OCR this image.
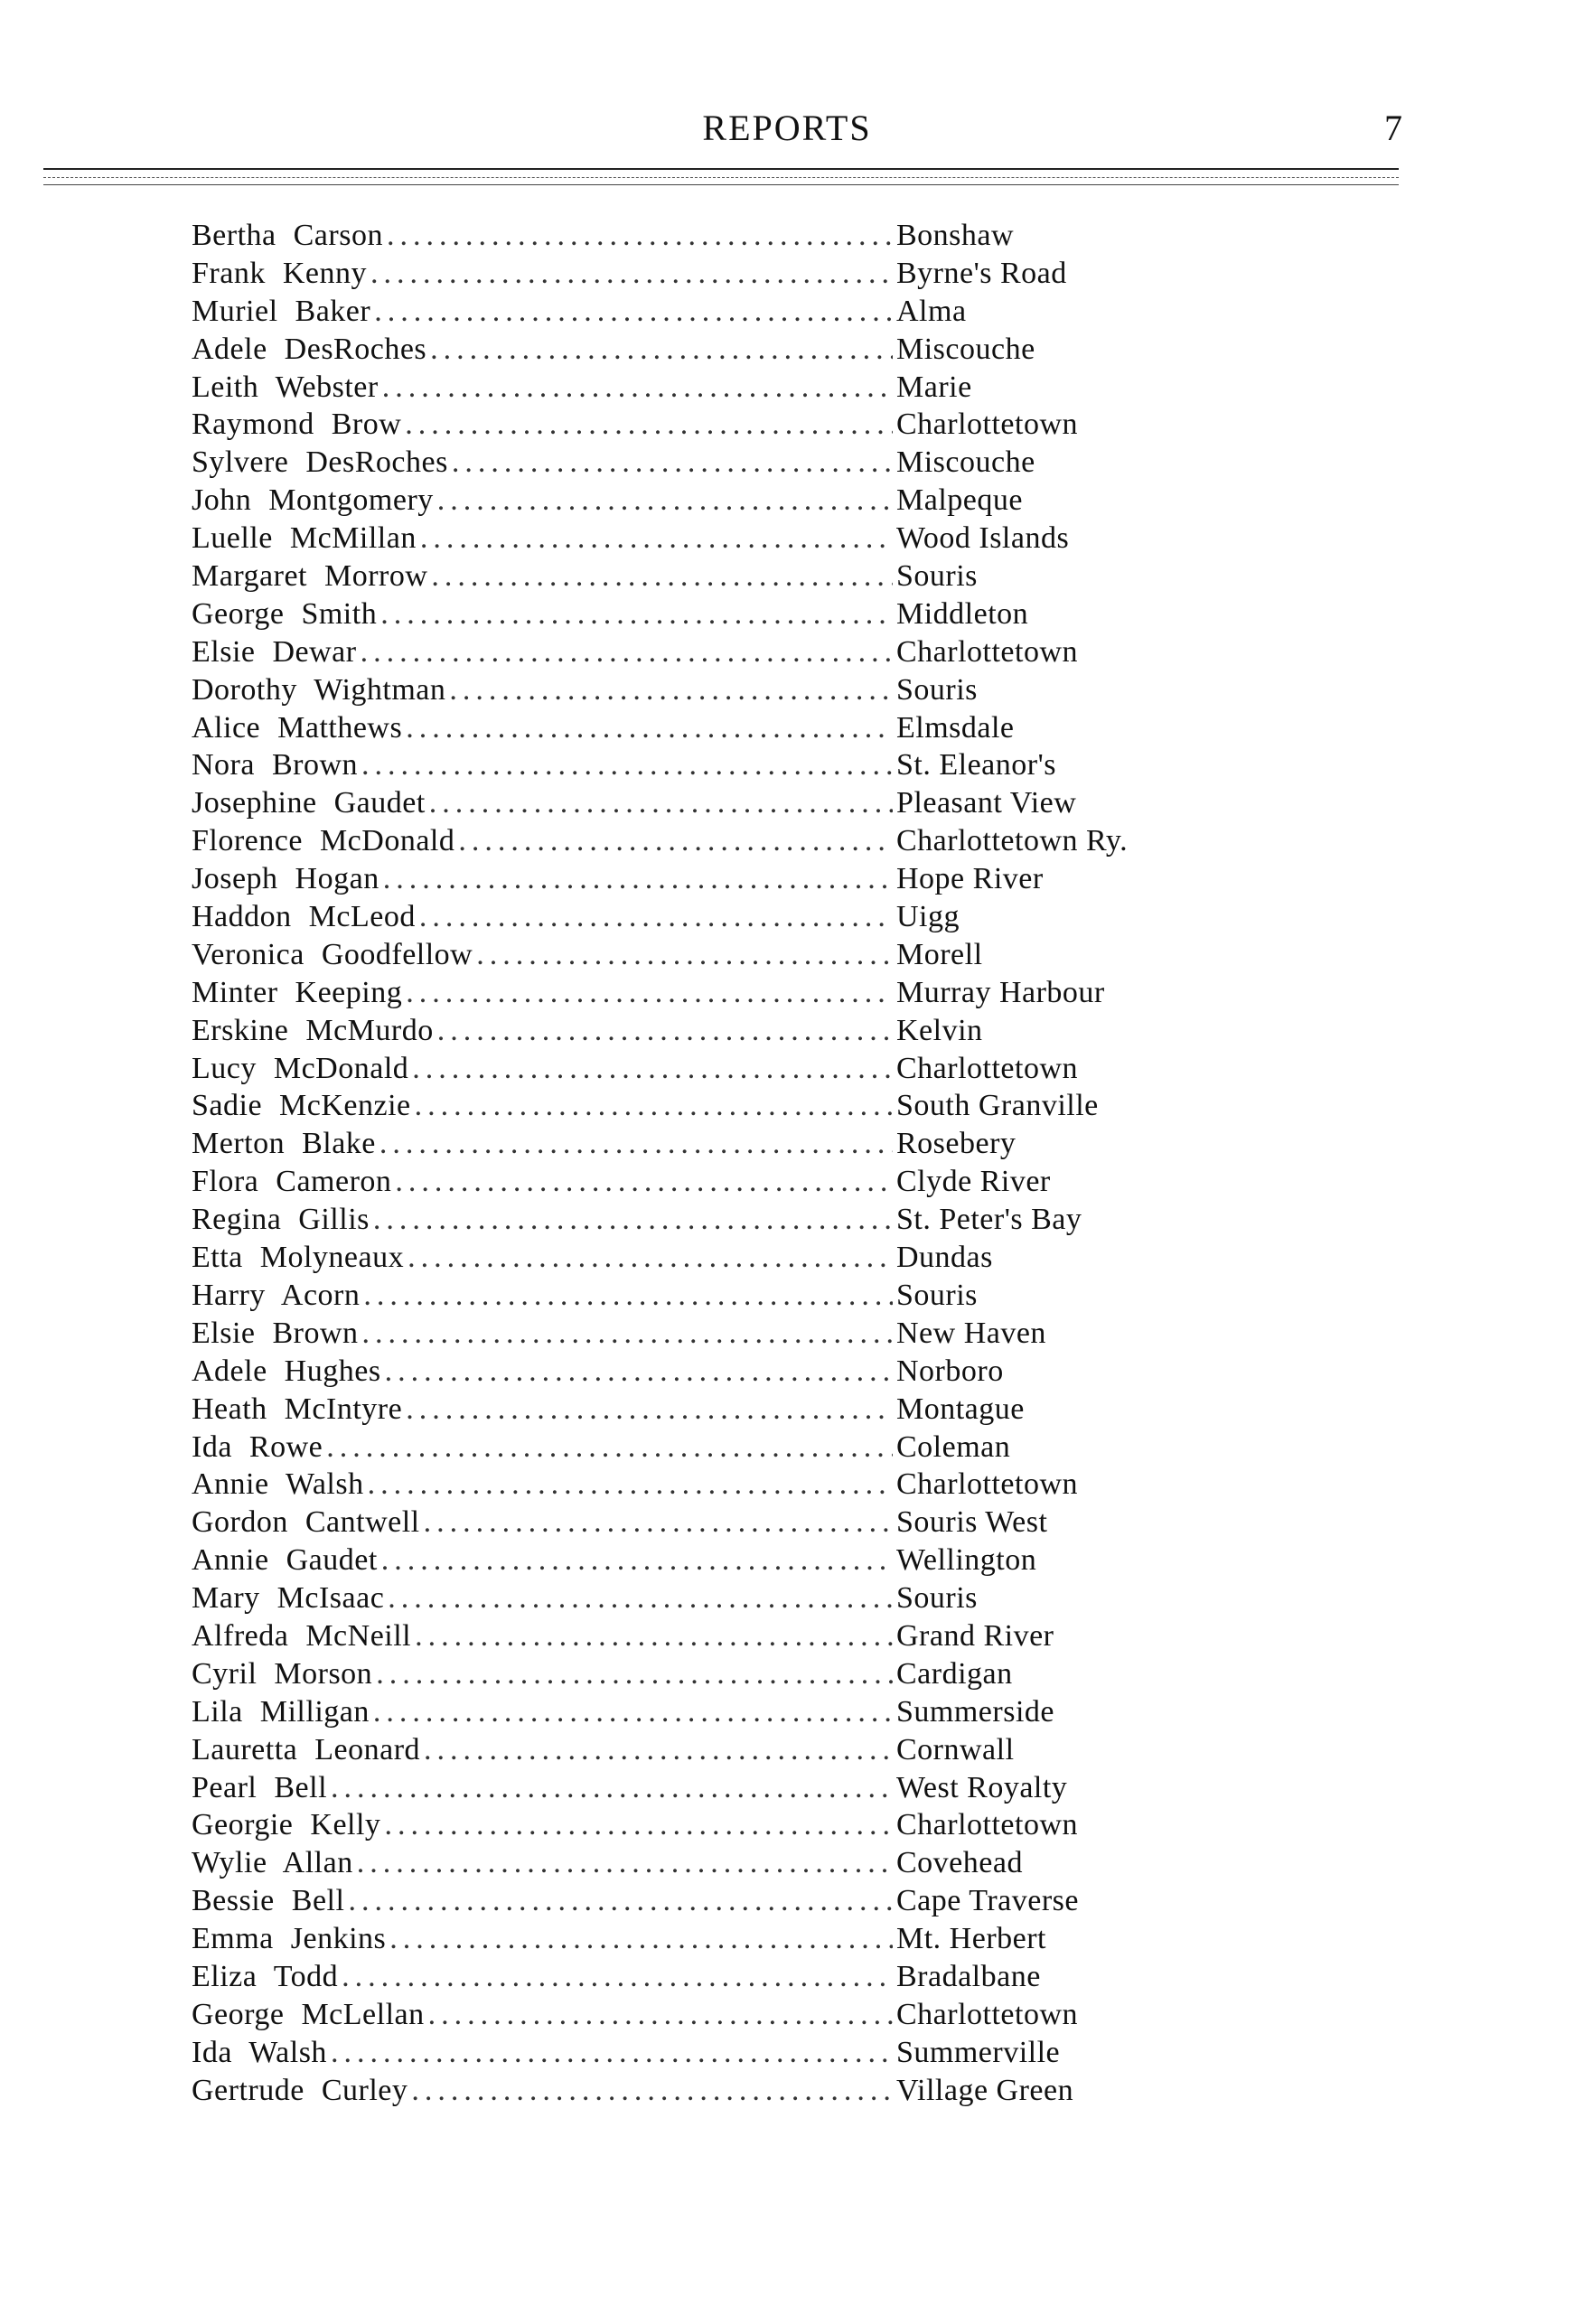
REPORTS	7
Bertha Carson .....	Bonshaw
Frank Kenny .....	Byrne's Road
Muriel Baker .....	Alma
Adele DesRoches .....	Miscouche
Leith Webster .....	Marie
Raymond Brow .....	Charlottetown
Sylvere DesRoches .....	Miscouche
John Montgomery .....	Malpeque
Luelle McMillan .....	Wood Islands
Margaret Morrow .....	Souris
George Smith .....	Middleton
Elsie Dewar .....	Charlottetown
Dorothy Wightman .....	Souris
Alice Matthews .....	Elmsdale
Nora Brown .....	St. Eleanor's
Josephine Gaudet .....	Pleasant View
Florence McDonald .....	Charlottetown Ry.
Joseph Hogan .....	Hope River
Haddon McLeod .....	Uigg
Veronica Goodfellow .....	Morell
Minter Keeping .....	Murray Harbour
Erskine McMurdo .....	Kelvin
Lucy McDonald .....	Charlottetown
Sadie McKenzie .....	South Granville
Merton Blake .....	Rosebery
Flora Cameron .....	Clyde River
Regina Gillis .....	St. Peter's Bay
Etta Molyneaux .....	Dundas
Harry Acorn .....	Souris
Elsie Brown .....	New Haven
Adele Hughes .....	Norboro
Heath McIntyre .....	Montague
Ida Rowe .....	Coleman
Annie Walsh .....	Charlottetown
Gordon Cantwell .....	Souris West
Annie Gaudet .....	Wellington
Mary McIsaac .....	Souris
Alfreda McNeill .....	Grand River
Cyril Morson .....	Cardigan
Lila Milligan .....	Summerside
Lauretta Leonard .....	Cornwall
Pearl Bell .....	West Royalty
Georgie Kelly .....	Charlottetown
Wylie Allan .....	Covehead
Bessie Bell .....	Cape Traverse
Emma Jenkins .....	Mt. Herbert
Eliza Todd .....	Bradalbane
George McLellan .....	Charlottetown
Ida Walsh .....	Summerville
Gertrude Curley .....	Village Green
